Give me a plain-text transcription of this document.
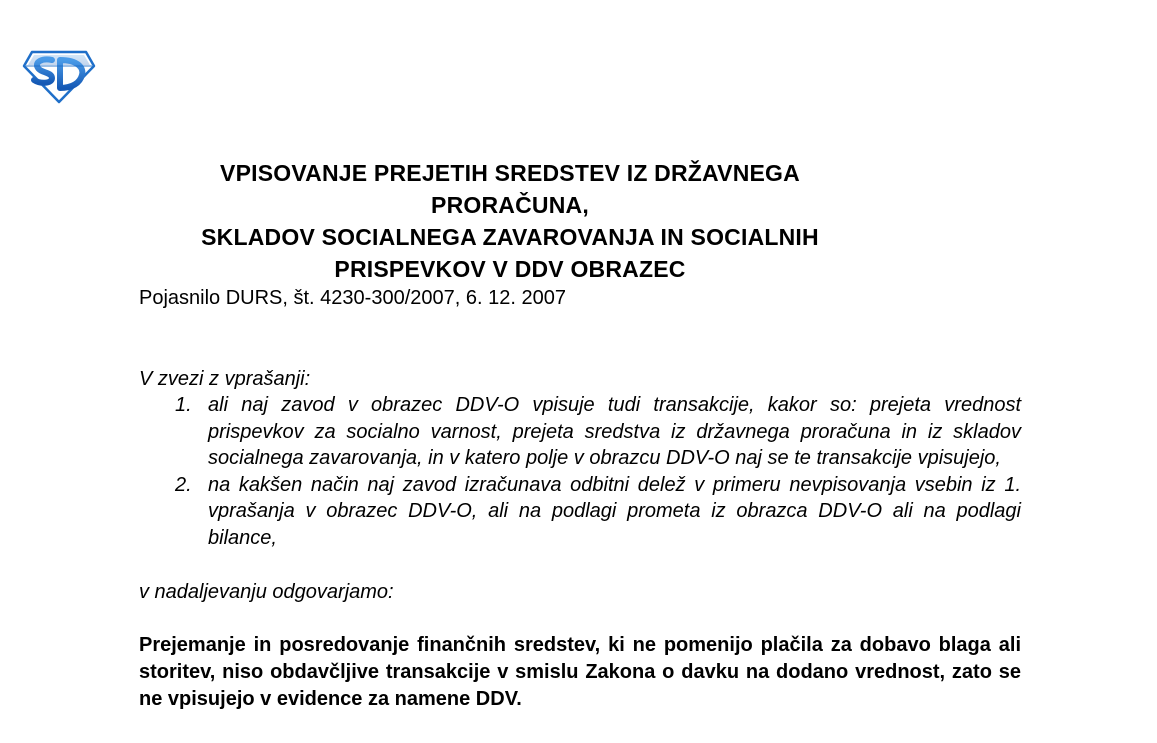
VPISOVANJE PREJETIH SREDSTEV IZ DRŽAVNEGA PRORAČUNA,
SKLADOV SOCIALNEGA ZAVAROVANJA IN SOCIALNIH
PRISPEVKOV V DDV OBRAZEC
Pojasnilo DURS, št. 4230-300/2007, 6. 12. 2007
V zvezi z vprašanji:
1. ali naj zavod v obrazec DDV-O vpisuje tudi transakcije, kakor so: prejeta vrednost prispevkov za socialno varnost, prejeta sredstva iz državnega proračuna in iz skladov socialnega zavarovanja, in v katero polje v obrazcu DDV-O naj se te transakcije vpisujejo,
2. na kakšen način naj zavod izračunava odbitni delež v primeru nevpisovanja vsebin iz 1. vprašanja v obrazec DDV-O, ali na podlagi prometa iz obrazca DDV-O ali na podlagi bilance,
v nadaljevanju odgovarjamo:
Prejemanje in posredovanje finančnih sredstev, ki ne pomenijo plačila za dobavo blaga ali storitev, niso obdavčljive transakcije v smislu Zakona o davku na dodano vrednost, zato se ne vpisujejo v evidence za namene DDV.
